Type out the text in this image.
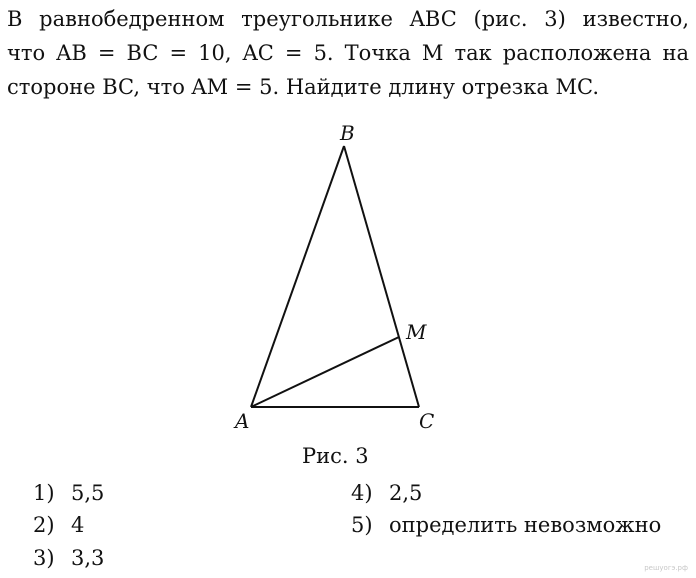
В равнобедренном треугольнике ABC (рис. 3) известно,
что AB = BC = 10, AC = 5. Точка M так расположена на
стороне BC, что AM = 5. Найдите длину отрезка MC.
B
M
A	C
Рис. 3
1) 5,5
2) 4
3) 3,3
4) 2,5
5) определить невозможно
решуогэ.рф
